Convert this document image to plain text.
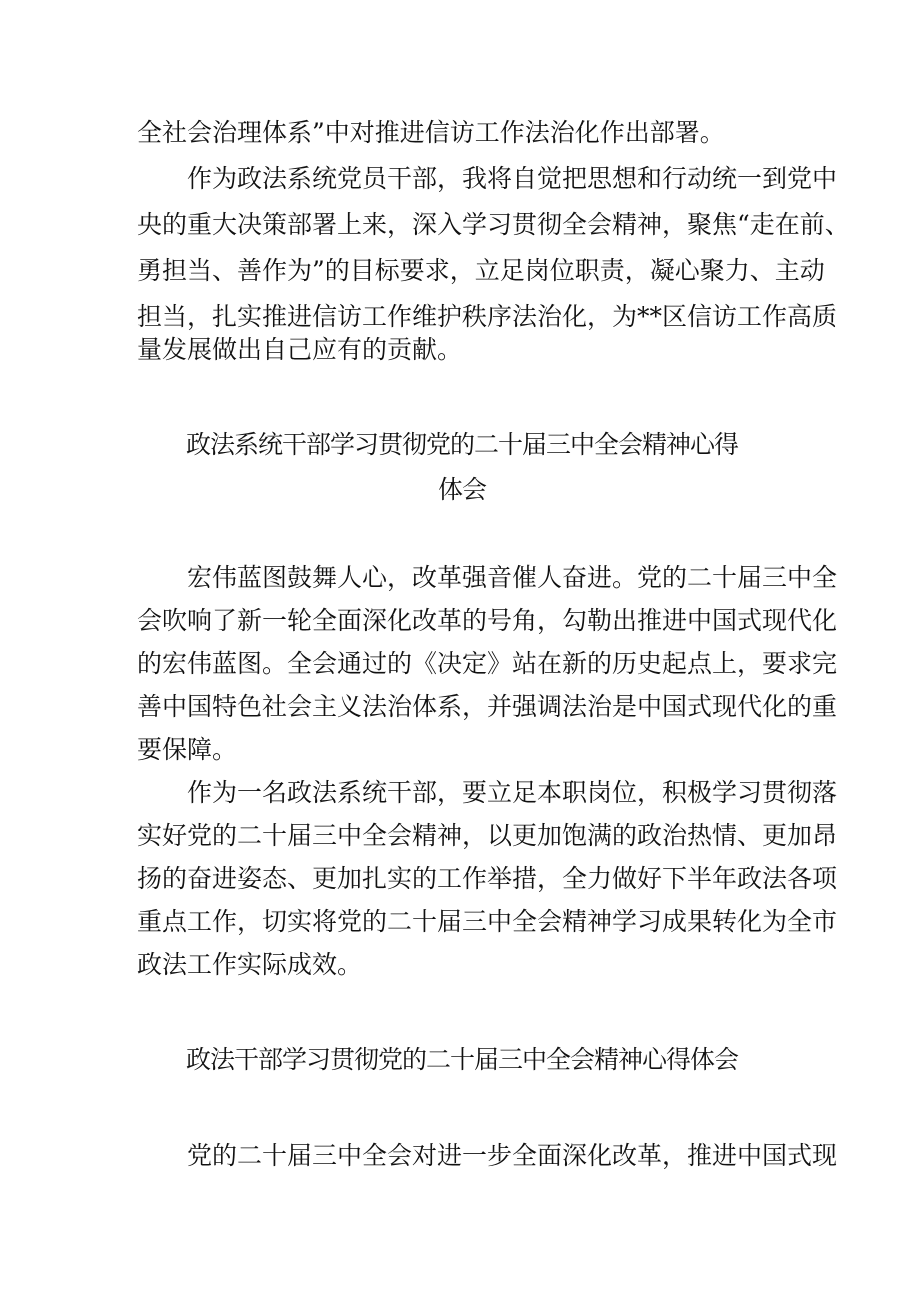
全社会治理体系”中对推进信访工作法治化作出部署。
作为政法系统党员干部，我将自觉把思想和行动统一到党中
央的重大决策部署上来，深入学习贯彻全会精神，聚焦“走在前、
勇担当、善作为”的目标要求，立足岗位职责，凝心聚力、主动
担当，扎实推进信访工作维护秩序法治化，为**区信访工作高质
量发展做出自己应有的贡献。
政法系统干部学习贯彻党的二十届三中全会精神心得
体会
宏伟蓝图鼓舞人心，改革强音催人奋进。党的二十届三中全
会吹响了新一轮全面深化改革的号角，勾勒出推进中国式现代化
的宏伟蓝图。全会通过的《决定》站在新的历史起点上，要求完
善中国特色社会主义法治体系，并强调法治是中国式现代化的重
要保障。
作为一名政法系统干部，要立足本职岗位，积极学习贯彻落
实好党的二十届三中全会精神，以更加饱满的政治热情、更加昂
扬的奋进姿态、更加扎实的工作举措，全力做好下半年政法各项
重点工作，切实将党的二十届三中全会精神学习成果转化为全市
政法工作实际成效。
政法干部学习贯彻党的二十届三中全会精神心得体会
党的二十届三中全会对进一步全面深化改革，推进中国式现
